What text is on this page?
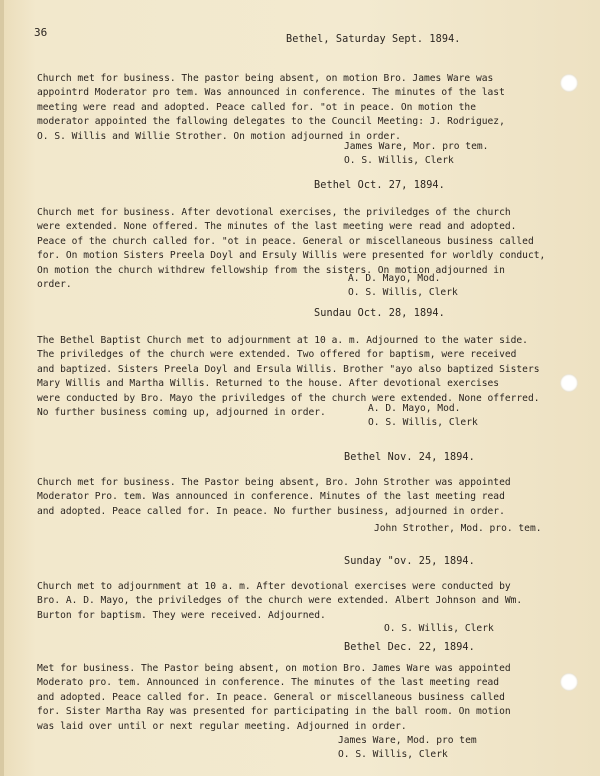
36
Bethel, Saturday Sept. 1894.
Church met for business. The pastor being absent, on motion Bro. James Ware was
appointrd Moderator pro tem. Was announced in conference. The minutes of the last
meeting were read and adopted. Peace called for. "ot in peace. On motion the
moderator appointed the fallowing delegates to the Council Meeting: J. Rodriguez,
O. S. Willis and Willie Strother. On motion adjourned in order.
James Ware, Mor. pro tem.
O. S. Willis, Clerk
Bethel Oct. 27, 1894.
Church met for business. After devotional exercises, the priviledges of the church
were extended. None offered. The minutes of the last meeting were read and adopted.
Peace of the church called for. "ot in peace. General or miscellaneous business called
for. On motion Sisters Preela Doyl and Ersuly Willis were presented for worldly conduct,
On motion the church withdrew fellowship from the sisters. On motion adjourned in
order.
A. D. Mayo, Mod.
O. S. Willis, Clerk
Sundau Oct. 28, 1894.
The Bethel Baptist Church met to adjournment at 10 a. m. Adjourned to the water side.
The priviledges of the church were extended. Two offered for baptism, were received
and baptized. Sisters Preela Doyl and Ersula Willis. Brother "ayo also baptized Sisters
Mary Willis and Martha Willis. Returned to the house. After devotional exercises
were conducted by Bro. Mayo the priviledges of the church were extended. None offerred.
No further business coming up, adjourned in order.	A. D. Mayo, Mod.
O. S. Willis, Clerk
Bethel Nov. 24, 1894.
Church met for business. The Pastor being absent, Bro. John Strother was appointed
Moderator Pro. tem. Was announced in conference. Minutes of the last meeting read
and adopted. Peace called for. In peace. No further business, adjourned in order.
John Strother, Mod. pro. tem.
Sunday "ov. 25, 1894.
Church met to adjournment at 10 a. m. After devotional exercises were conducted by
Bro. A. D. Mayo, the priviledges of the church were extended. Albert Johnson and Wm.
Burton for baptism. They were received. Adjourned.
O. S. Willis, Clerk
Bethel Dec. 22, 1894.
Met for business. The Pastor being absent, on motion Bro. James Ware was appointed
Moderato pro. tem. Announced in conference. The minutes of the last meeting read
and adopted. Peace called for. In peace. General or miscellaneous business called
for. Sister Martha Ray was presented for participating in the ball room. On motion
was laid over until or next regular meeting. Adjourned in order.
James Ware, Mod. pro tem
O. S. Willis, Clerk
